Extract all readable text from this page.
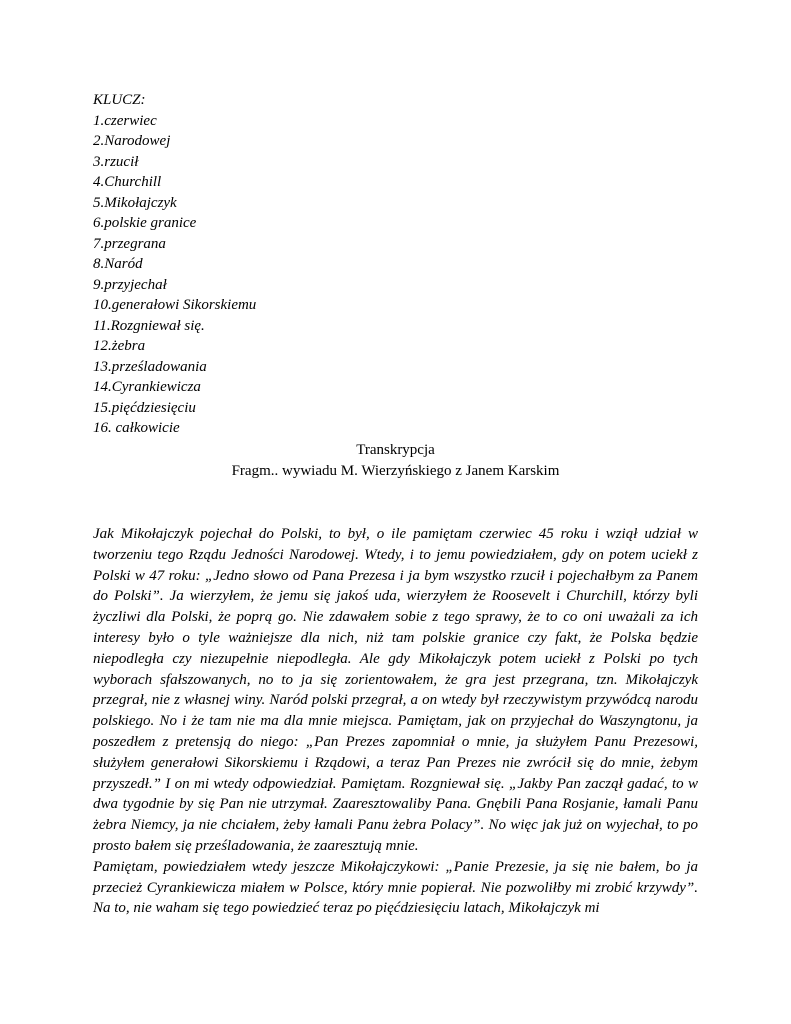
KLUCZ:
1.czerwiec
2.Narodowej
3.rzucił
4.Churchill
5.Mikołajczyk
6.polskie granice
7.przegrana
8.Naród
9.przyjechał
10.generałowi Sikorskiemu
11.Rozgniewał się.
12.żebra
13.prześladowania
14.Cyrankiewicza
15.pięćdziesięciu
16. całkowicie
Transkrypcja
Fragm.. wywiadu M. Wierzyńskiego z Janem Karskim

Jak Mikołajczyk pojechał do Polski, to był, o ile pamiętam czerwiec 45 roku i wziął udział w tworzeniu tego Rządu Jedności Narodowej. Wtedy, i to jemu powiedziałem, gdy on potem uciekł z Polski w 47 roku: „Jedno słowo od Pana Prezesa i ja bym wszystko rzucił i pojechałbym za Panem do Polski”. Ja wierzyłem, że jemu się jakoś uda, wierzyłem że Roosevelt i Churchill, którzy byli życzliwi dla Polski, że poprą go. Nie zdawałem sobie z tego sprawy, że to co oni uważali za ich interesy było o tyle ważniejsze dla nich, niż tam polskie granice czy fakt, że Polska będzie niepodległa czy niezupełnie niepodległa. Ale gdy Mikołajczyk potem uciekł z Polski po tych wyborach sfałszowanych, no to ja się zorientowałem, że gra jest przegrana, tzn. Mikołajczyk przegrał, nie z własnej winy. Naród polski przegrał, a on wtedy był rzeczywistym przywódcą narodu polskiego. No i że tam nie ma dla mnie miejsca. Pamiętam, jak on przyjechał do Waszyngtonu, ja poszedłem z pretensją do niego: „Pan Prezes zapomniał o mnie, ja służyłem Panu Prezesowi, służyłem generałowi Sikorskiemu i Rządowi, a teraz Pan Prezes nie zwrócił się do mnie, żebym przyszedł.” I on mi wtedy odpowiedział. Pamiętam. Rozgniewał się. „Jakby Pan zaczął gadać, to w dwa tygodnie by się Pan nie utrzymał. Zaaresztowaliby Pana. Gnębili Pana Rosjanie, łamali Panu żebra Niemcy, ja nie chciałem, żeby łamali Panu żebra Polacy”. No więc jak już on wyjechał, to po prosto bałem się prześladowania, że zaaresztują mnie.

Pamiętam, powiedziałem wtedy jeszcze Mikołajczykowi: „Panie Prezesie, ja się nie bałem, bo ja przecież Cyrankiewicza miałem w Polsce, który mnie popierał. Nie pozwoliłby mi zrobić krzywdy”. Na to, nie waham się tego powiedzieć teraz po pięćdziesięciu latach, Mikołajczyk mi
